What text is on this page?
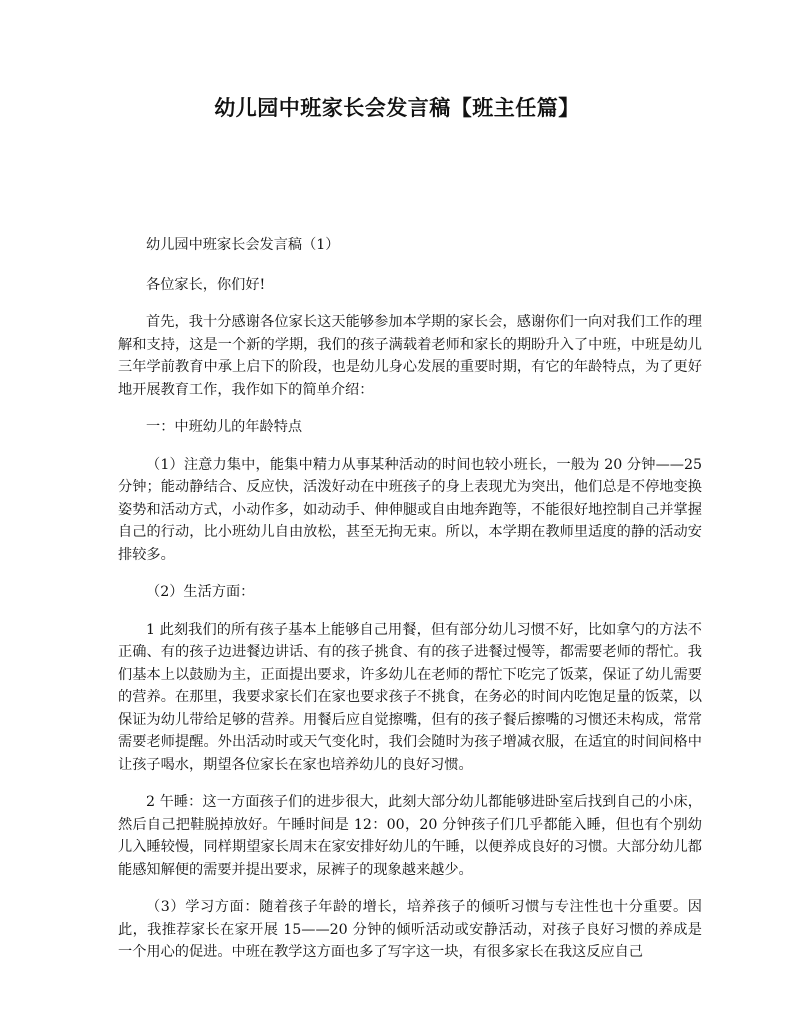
幼儿园中班家长会发言稿【班主任篇】

幼儿园中班家长会发言稿（1）

各位家长，你们好!

首先，我十分感谢各位家长这天能够参加本学期的家长会，感谢你们一向对我们工作的理解和支持，这是一个新的学期，我们的孩子满载着老师和家长的期盼升入了中班，中班是幼儿三年学前教育中承上启下的阶段，也是幼儿身心发展的重要时期，有它的年龄特点，为了更好地开展教育工作，我作如下的简单介绍：

一：中班幼儿的年龄特点

（1）注意力集中，能集中精力从事某种活动的时间也较小班长，一般为 20 分钟——25 分钟；能动静结合、反应快，活泼好动在中班孩子的身上表现尤为突出，他们总是不停地变换姿势和活动方式，小动作多，如动动手、伸伸腿或自由地奔跑等，不能很好地控制自己并掌握自己的行动，比小班幼儿自由放松，甚至无拘无束。所以，本学期在教师里适度的静的活动安排较多。

（2）生活方面：

1 此刻我们的所有孩子基本上能够自己用餐，但有部分幼儿习惯不好，比如拿勺的方法不正确、有的孩子边进餐边讲话、有的孩子挑食、有的孩子进餐过慢等，都需要老师的帮忙。我们基本上以鼓励为主，正面提出要求，许多幼儿在老师的帮忙下吃完了饭菜，保证了幼儿需要的营养。在那里，我要求家长们在家也要求孩子不挑食，在务必的时间内吃饱足量的饭菜，以保证为幼儿带给足够的营养。用餐后应自觉擦嘴，但有的孩子餐后擦嘴的习惯还未构成，常常需要老师提醒。外出活动时或天气变化时，我们会随时为孩子增减衣服，在适宜的时间间格中让孩子喝水，期望各位家长在家也培养幼儿的良好习惯。

2 午睡：这一方面孩子们的进步很大，此刻大部分幼儿都能够进卧室后找到自己的小床，然后自己把鞋脱掉放好。午睡时间是 12：00，20 分钟孩子们几乎都能入睡，但也有个别幼儿入睡较慢，同样期望家长周末在家安排好幼儿的午睡，以便养成良好的习惯。大部分幼儿都能感知解便的需要并提出要求，尿裤子的现象越来越少。

（3）学习方面：随着孩子年龄的增长，培养孩子的倾听习惯与专注性也十分重要。因此，我推荐家长在家开展 15——20 分钟的倾听活动或安静活动，对孩子良好习惯的养成是一个用心的促进。中班在教学这方面也多了写字这一块，有很多家长在我这反应自己
